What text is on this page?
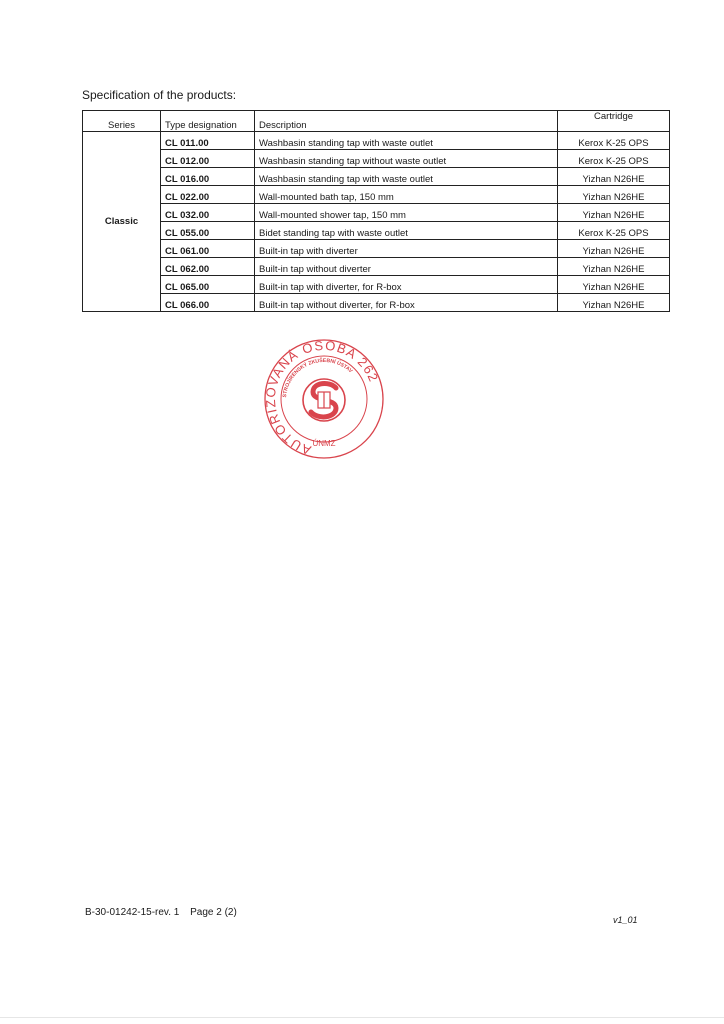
Specification of the products:
Series	Type designation	Description	Cartridge
Classic	CL 011.00	Washbasin standing tap with waste outlet	Kerox K-25 OPS
	CL 012.00	Washbasin standing tap without waste outlet	Kerox K-25 OPS
	CL 016.00	Washbasin standing tap with waste outlet	Yizhan N26HE
	CL 022.00	Wall-mounted bath tap, 150 mm	Yizhan N26HE
	CL 032.00	Wall-mounted shower tap, 150 mm	Yizhan N26HE
	CL 055.00	Bidet standing tap with waste outlet	Kerox K-25 OPS
	CL 061.00	Built-in tap with diverter	Yizhan N26HE
	CL 062.00	Built-in tap without diverter	Yizhan N26HE
	CL 065.00	Built-in tap with diverter, for R-box	Yizhan N26HE
	CL 066.00	Built-in tap without diverter, for R-box	Yizhan N26HE
AUTORIZOVANÁ OSOBA 262
STROJÍRENSKÝ ZKUŠEBNÍ ÚSTAV
ÚNMZ
B-30-01242-15-rev. 1 Page 2 (2)
v1_01
